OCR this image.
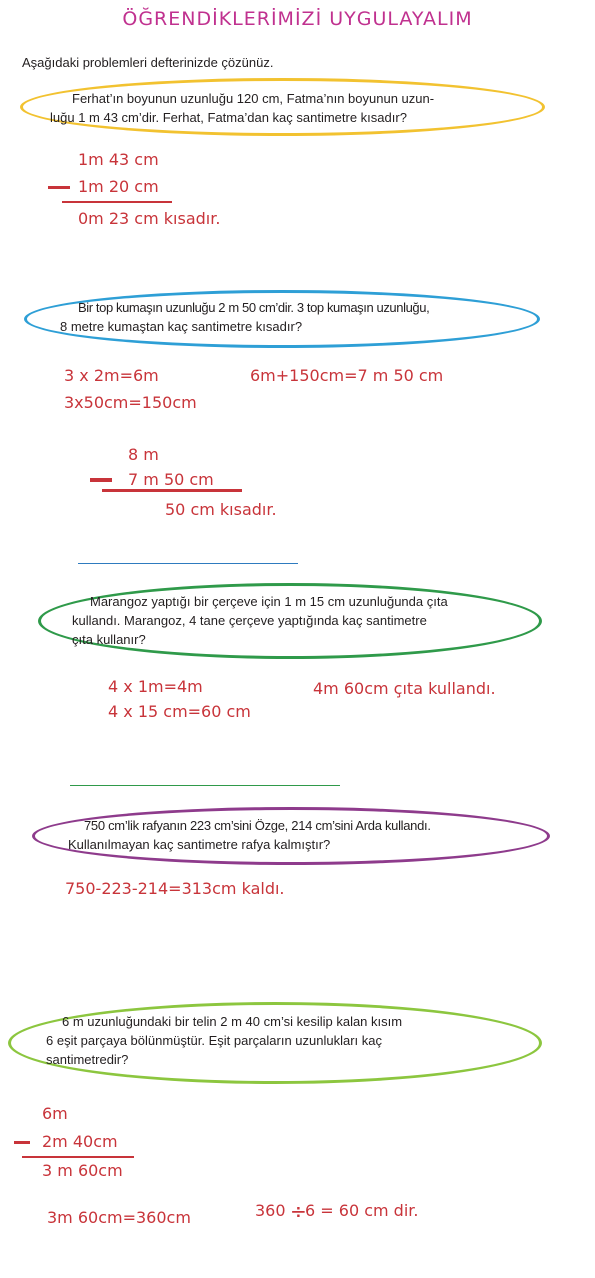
ÖĞRENDİKLERİMİZİ UYGULAYALIM
Aşağıdaki problemleri defterinizde çözünüz.
Ferhat’ın boyunun uzunluğu 120 cm, Fatma’nın boyunun uzun-
luğu 1 m 43 cm’dir. Ferhat, Fatma’dan kaç santimetre kısadır?
1m 43 cm
1m 20 cm
0m 23 cm kısadır.
Bir top kumaşın uzunluğu 2 m 50 cm’dir. 3 top kumaşın uzunluğu,
8 metre kumaştan kaç santimetre kısadır?
3 x 2m=6m
3x50cm=150cm
6m+150cm=7 m 50 cm
8 m
7 m 50 cm
50 cm kısadır.
Marangoz yaptığı bir çerçeve için 1 m 15 cm uzunluğunda çıta
kullandı. Marangoz, 4 tane çerçeve yaptığında kaç santimetre
çıta kullanır?
4 x 1m=4m
4 x 15 cm=60 cm
4m 60cm çıta kullandı.
750 cm’lik rafyanın 223 cm’sini Özge, 214 cm’sini Arda kullandı.
Kullanılmayan kaç santimetre rafya kalmıştır?
750-223-214=313cm kaldı.
6 m uzunluğundaki bir telin 2 m 40 cm’si kesilip kalan kısım
6 eşit parçaya bölünmüştür. Eşit parçaların uzunlukları kaç
santimetredir?
6m
2m 40cm
3 m 60cm
3m 60cm=360cm	360 ÷
6 = 60 cm dir.
